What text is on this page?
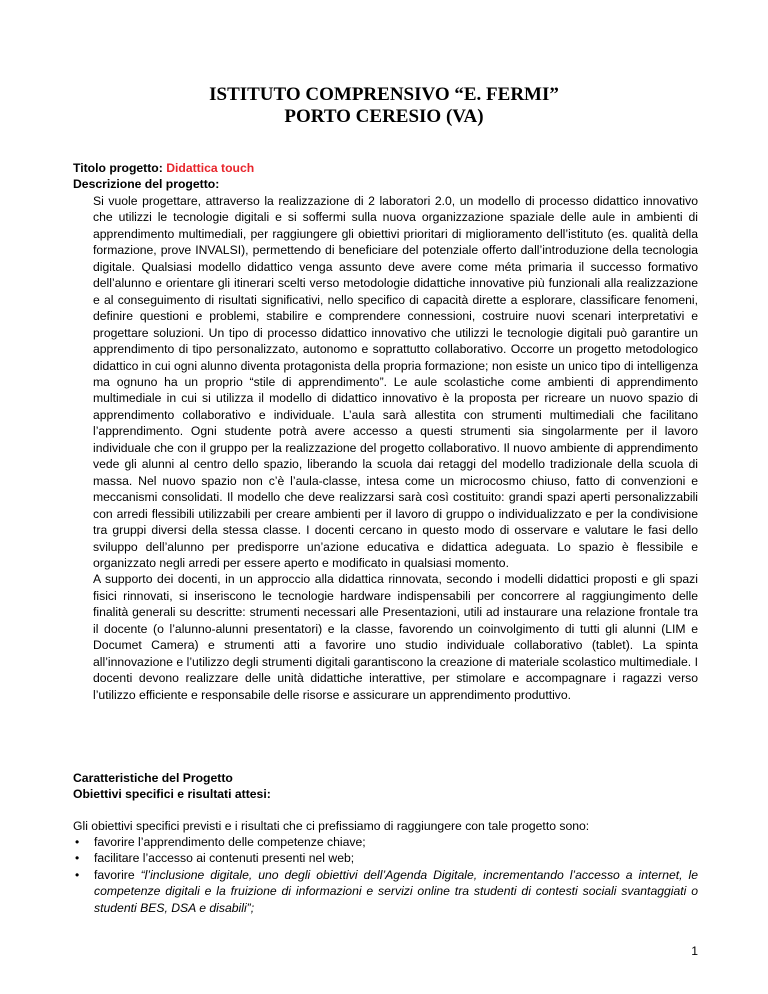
ISTITUTO COMPRENSIVO “E. FERMI”
PORTO CERESIO (VA)
Titolo progetto: Didattica touch
Descrizione del progetto:

Si vuole progettare, attraverso la realizzazione di 2 laboratori 2.0, un modello di processo didattico innovativo che utilizzi le tecnologie digitali e si soffermi sulla nuova organizzazione spaziale delle aule in ambienti di apprendimento multimediali, per raggiungere gli obiettivi prioritari di miglioramento dell’istituto (es. qualità della formazione, prove INVALSI), permettendo di beneficiare del potenziale offerto dall’introduzione della tecnologia digitale. Qualsiasi modello didattico venga assunto deve avere come méta primaria il successo formativo dell’alunno e orientare gli itinerari scelti verso metodologie didattiche innovative più funzionali alla realizzazione e al conseguimento di risultati significativi, nello specifico di capacità dirette a esplorare, classificare fenomeni, definire questioni e problemi, stabilire e comprendere connessioni, costruire nuovi scenari interpretativi e progettare soluzioni. Un tipo di processo didattico innovativo che utilizzi le tecnologie digitali può garantire un apprendimento di tipo personalizzato, autonomo e soprattutto collaborativo. Occorre un progetto metodologico didattico in cui ogni alunno diventa protagonista della propria formazione; non esiste un unico tipo di intelligenza ma ognuno ha un proprio “stile di apprendimento”. Le aule scolastiche come ambienti di apprendimento multimediale in cui si utilizza il modello di didattico innovativo è la proposta per ricreare un nuovo spazio di apprendimento collaborativo e individuale. L’aula sarà allestita con strumenti multimediali che facilitano l’apprendimento. Ogni studente potrà avere accesso a questi strumenti sia singolarmente per il lavoro individuale che con il gruppo per la realizzazione del progetto collaborativo. Il nuovo ambiente di apprendimento vede gli alunni al centro dello spazio, liberando la scuola dai retaggi del modello tradizionale della scuola di massa. Nel nuovo spazio non c’è l’aula-classe, intesa come un microcosmo chiuso, fatto di convenzioni e meccanismi consolidati. Il modello che deve realizzarsi sarà così costituito: grandi spazi aperti personalizzabili con arredi flessibili utilizzabili per creare ambienti per il lavoro di gruppo o individualizzato e per la condivisione tra gruppi diversi della stessa classe. I docenti cercano in questo modo di osservare e valutare le fasi dello sviluppo dell’alunno per predisporre un’azione educativa e didattica adeguata. Lo spazio è flessibile e organizzato negli arredi per essere aperto e modificato in qualsiasi momento.

A supporto dei docenti, in un approccio alla didattica rinnovata, secondo i modelli didattici proposti e gli spazi fisici rinnovati, si inseriscono le tecnologie hardware indispensabili per concorrere al raggiungimento delle finalità generali su descritte: strumenti necessari alle Presentazioni, utili ad instaurare una relazione frontale tra il docente (o l’alunno-alunni presentatori) e la classe, favorendo un coinvolgimento di tutti gli alunni (LIM e Documet Camera) e strumenti atti a favorire uno studio individuale collaborativo (tablet). La spinta all’innovazione e l’utilizzo degli strumenti digitali garantiscono la creazione di materiale scolastico multimediale. I docenti devono realizzare delle unità didattiche interattive, per stimolare e accompagnare i ragazzi verso l’utilizzo efficiente e responsabile delle risorse e assicurare un apprendimento produttivo.

Caratteristiche del Progetto
Obiettivi specifici e risultati attesi:
Gli obiettivi specifici previsti e i risultati che ci prefissiamo di raggiungere con tale progetto sono:
• favorire l’apprendimento delle competenze chiave;
• facilitare l’accesso ai contenuti presenti nel web;
• favorire “l’inclusione digitale, uno degli obiettivi dell’Agenda Digitale, incrementando l’accesso a internet, le competenze digitali e la fruizione di informazioni e servizi online tra studenti di contesti sociali svantaggiati o studenti BES, DSA e disabili”;
1
